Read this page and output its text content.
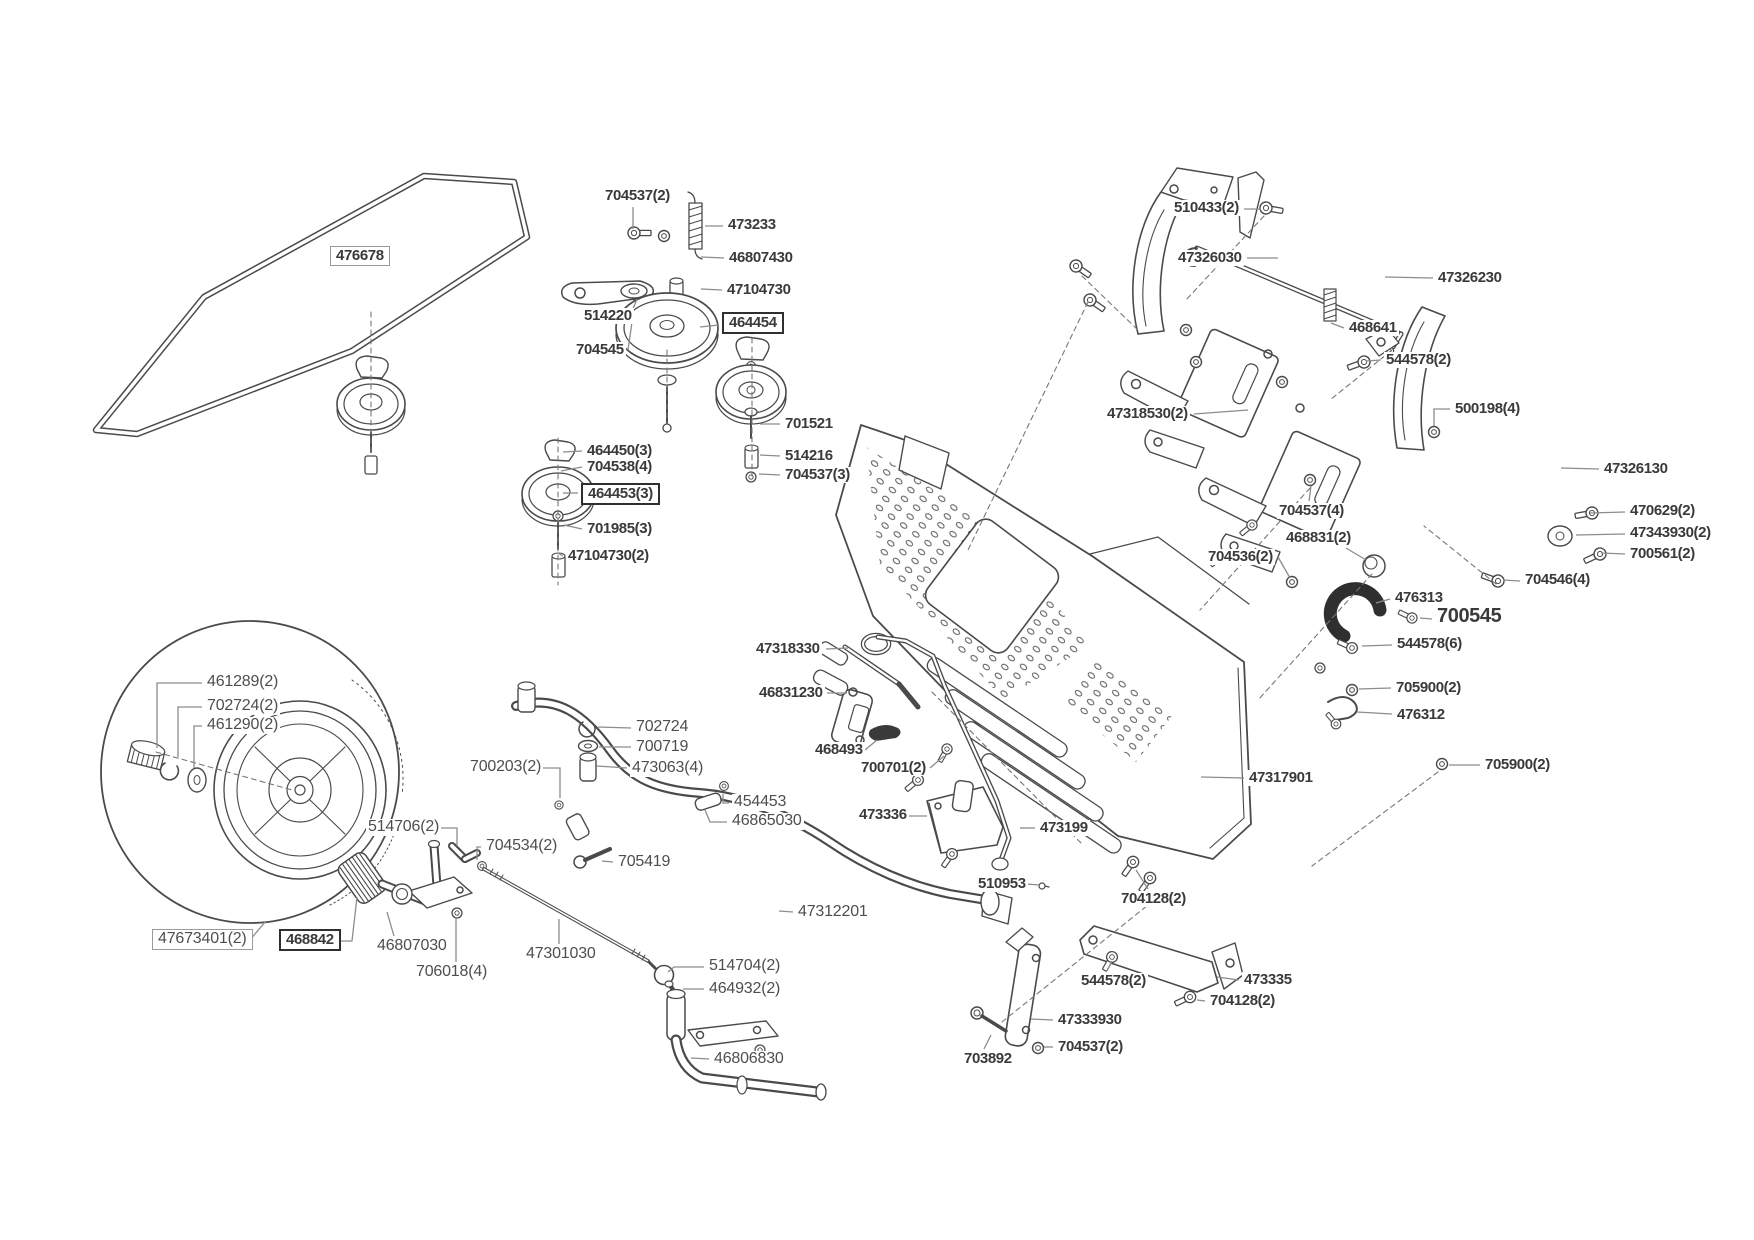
476678
704537(2)
473233
46807430
47104730
514220	464454
704545
464450(3)
704538(4)
464453(3)
701985(3)
47104730(2)
701521
514216
704537(3)
510433(2)
47326030
47326230
468641
544578(2)
500198(4)
47318530(2)
47326130
470629(2)
47343930(2)
700561(2)
704537(4)
468831(2)
704536(2)
704546(4)
476313
700545
544578(6)
705900(2)
476312
705900(2)
47317901
47318330
46831230
468493
700701(2)
473336
473199
510953
704128(2)
544578(2)	473335
704128(2)
47333930
704537(2)
703892
461289(2)
702724(2)
461290(2)
514706(2)
704534(2)
700203(2)
702724
700719
473063(4)
454453
46865030
705419
47312201
47673401(2)	468842	46807030
706018(4)
47301030
514704(2)
464932(2)
46806830
